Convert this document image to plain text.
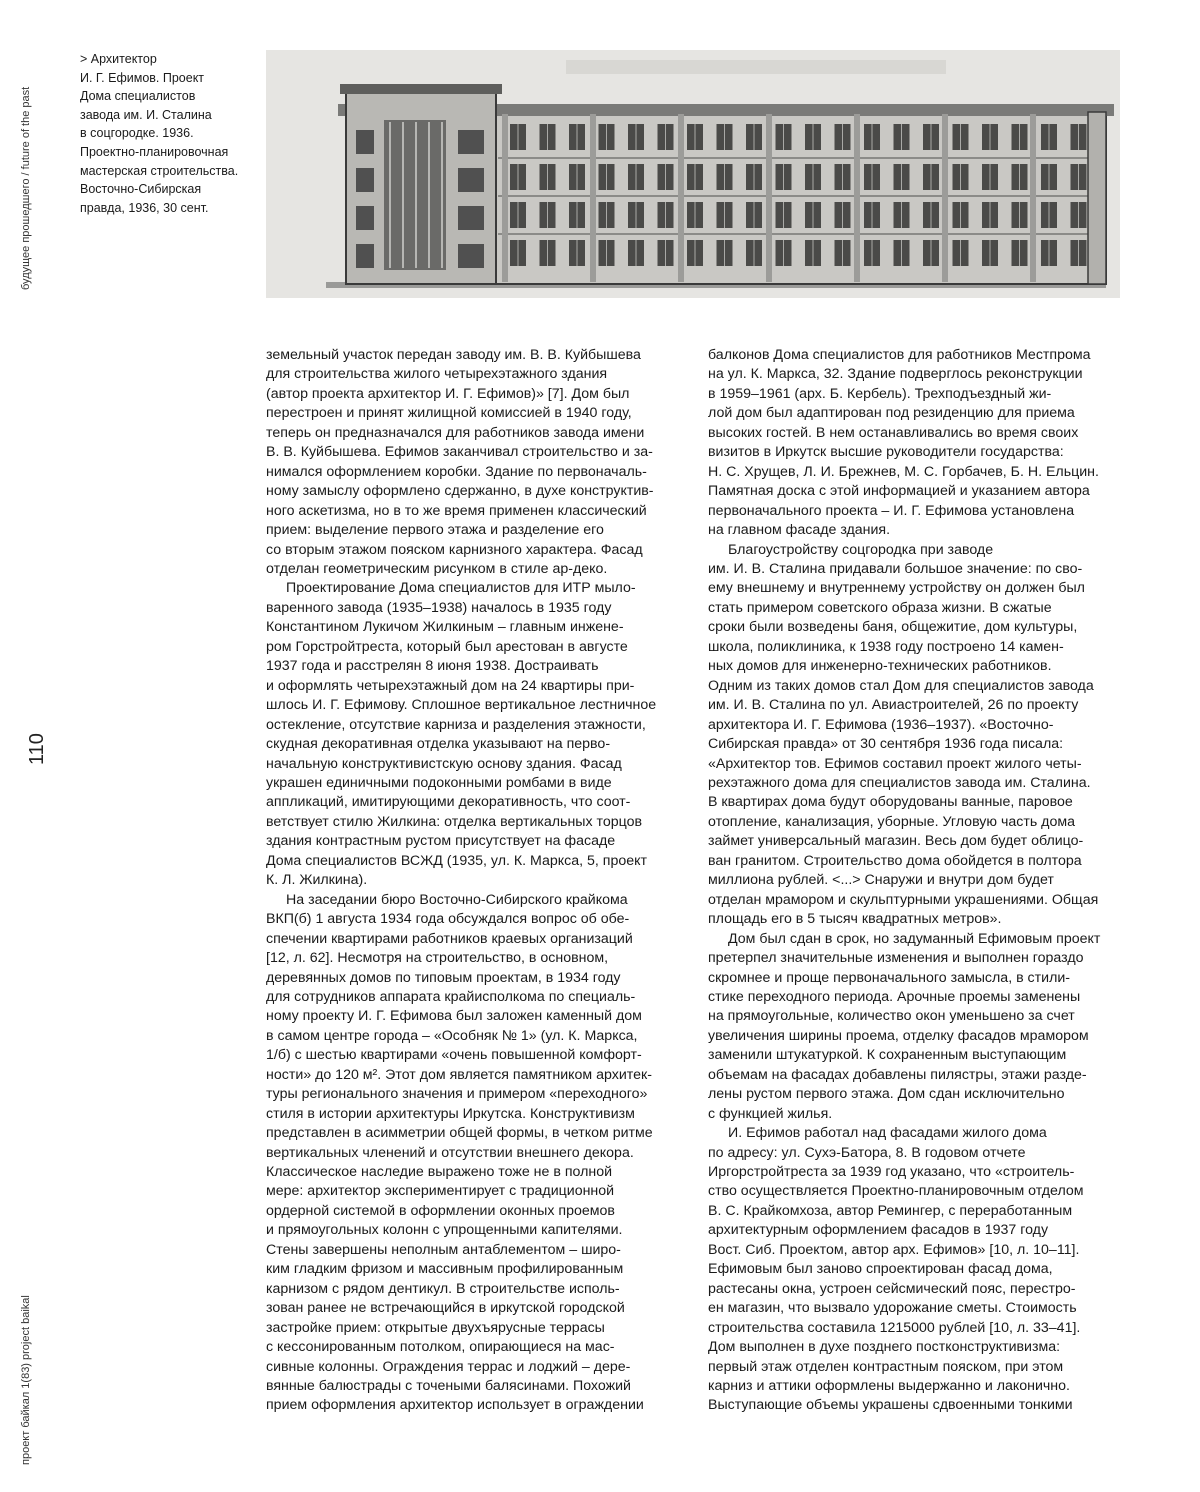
будущее прошедшего / future of the past
110
проект байкал 1(83) project baikal
> Архитектор
И. Г. Ефимов. Проект
Дома специалистов
завода им. И. Сталина
в соцгородке. 1936.
Проектно-планировочная
мастерская строительства.
Восточно-Сибирская
правда, 1936, 30 сент.
земельный участок передан заводу им. В. В. Куйбышева
для строительства жилого четырехэтажного здания
(автор проекта архитектор И. Г. Ефимов)» [7]. Дом был
перестроен и принят жилищной комиссией в 1940 году,
теперь он предназначался для работников завода имени
В. В. Куйбышева. Ефимов заканчивал строительство и за-
нимался оформлением коробки. Здание по первоначаль-
ному замыслу оформлено сдержанно, в духе конструктив-
ного аскетизма, но в то же время применен классический
прием: выделение первого этажа и разделение его
со вторым этажом пояском карнизного характера. Фасад
отделан геометрическим рисунком в стиле ар-деко.
Проектирование Дома специалистов для ИТР мыло-
варенного завода (1935–1938) началось в 1935 году
Константином Лукичом Жилкиным – главным инжене-
ром Горстройтреста, который был арестован в августе
1937 года и расстрелян 8 июня 1938. Достраивать
и оформлять четырехэтажный дом на 24 квартиры при-
шлось И. Г. Ефимову. Сплошное вертикальное лестничное
остекление, отсутствие карниза и разделения этажности,
скудная декоративная отделка указывают на перво-
начальную конструктивистскую основу здания. Фасад
украшен единичными подоконными ромбами в виде
аппликаций, имитирующими декоративность, что соот-
ветствует стилю Жилкина: отделка вертикальных торцов
здания контрастным рустом присутствует на фасаде
Дома специалистов ВСЖД (1935, ул. К. Маркса, 5, проект
К. Л. Жилкина).
На заседании бюро Восточно-Сибирского крайкома
ВКП(б) 1 августа 1934 года обсуждался вопрос об обе-
спечении квартирами работников краевых организаций
[12, л. 62]. Несмотря на строительство, в основном,
деревянных домов по типовым проектам, в 1934 году
для сотрудников аппарата крайисполкома по специаль-
ному проекту И. Г. Ефимова был заложен каменный дом
в самом центре города – «Особняк № 1» (ул. К. Маркса,
1/б) с шестью квартирами «очень повышенной комфорт-
ности» до 120 м². Этот дом является памятником архитек-
туры регионального значения и примером «переходного»
стиля в истории архитектуры Иркутска. Конструктивизм
представлен в асимметрии общей формы, в четком ритме
вертикальных членений и отсутствии внешнего декора.
Классическое наследие выражено тоже не в полной
мере: архитектор экспериментирует с традиционной
ордерной системой в оформлении оконных проемов
и прямоугольных колонн с упрощенными капителями.
Стены завершены неполным антаблементом – широ-
ким гладким фризом и массивным профилированным
карнизом с рядом дентикул. В строительстве исполь-
зован ранее не встречающийся в иркутской городской
застройке прием: открытые двухъярусные террасы
с кессонированным потолком, опирающиеся на мас-
сивные колонны. Ограждения террас и лоджий – дере-
вянные балюстрады с точеными балясинами. Похожий
прием оформления архитектор использует в ограждении
балконов Дома специалистов для работников Местпрома
на ул. К. Маркса, 32. Здание подверглось реконструкции
в 1959–1961 (арх. Б. Кербель). Трехподъездный жи-
лой дом был адаптирован под резиденцию для приема
высоких гостей. В нем останавливались во время своих
визитов в Иркутск высшие руководители государства:
Н. С. Хрущев, Л. И. Брежнев, М. С. Горбачев, Б. Н. Ельцин.
Памятная доска с этой информацией и указанием автора
первоначального проекта – И. Г. Ефимова установлена
на главном фасаде здания.
Благоустройству соцгородка при заводе
им. И. В. Сталина придавали большое значение: по сво-
ему внешнему и внутреннему устройству он должен был
стать примером советского образа жизни. В сжатые
сроки были возведены баня, общежитие, дом культуры,
школа, поликлиника, к 1938 году построено 14 камен-
ных домов для инженерно-технических работников.
Одним из таких домов стал Дом для специалистов завода
им. И. В. Сталина по ул. Авиастроителей, 26 по проекту
архитектора И. Г. Ефимова (1936–1937). «Восточно-
Сибирская правда» от 30 сентября 1936 года писала:
«Архитектор тов. Ефимов составил проект жилого четы-
рехэтажного дома для специалистов завода им. Сталина.
В квартирах дома будут оборудованы ванные, паровое
отопление, канализация, уборные. Угловую часть дома
займет универсальный магазин. Весь дом будет облицо-
ван гранитом. Строительство дома обойдется в полтора
миллиона рублей. <...> Снаружи и внутри дом будет
отделан мрамором и скульптурными украшениями. Общая
площадь его в 5 тысяч квадратных метров».
Дом был сдан в срок, но задуманный Ефимовым проект
претерпел значительные изменения и выполнен гораздо
скромнее и проще первоначального замысла, в стили-
стике переходного периода. Арочные проемы заменены
на прямоугольные, количество окон уменьшено за счет
увеличения ширины проема, отделку фасадов мрамором
заменили штукатуркой. К сохраненным выступающим
объемам на фасадах добавлены пилястры, этажи разде-
лены рустом первого этажа. Дом сдан исключительно
с функцией жилья.
И. Ефимов работал над фасадами жилого дома
по адресу: ул. Сухэ-Батора, 8. В годовом отчете
Иргорстройтреста за 1939 год указано, что «строитель-
ство осуществляется Проектно-планировочным отделом
В. С. Крайкомхоза, автор Ремингер, с переработанным
архитектурным оформлением фасадов в 1937 году
Вост. Сиб. Проектом, автор арх. Ефимов» [10, л. 10–11].
Ефимовым был заново спроектирован фасад дома,
растесаны окна, устроен сейсмический пояс, перестро-
ен магазин, что вызвало удорожание сметы. Стоимость
строительства составила 1215000 рублей [10, л. 33–41].
Дом выполнен в духе позднего постконструктивизма:
первый этаж отделен контрастным пояском, при этом
карниз и аттики оформлены выдержанно и лаконично.
Выступающие объемы украшены сдвоенными тонкими
